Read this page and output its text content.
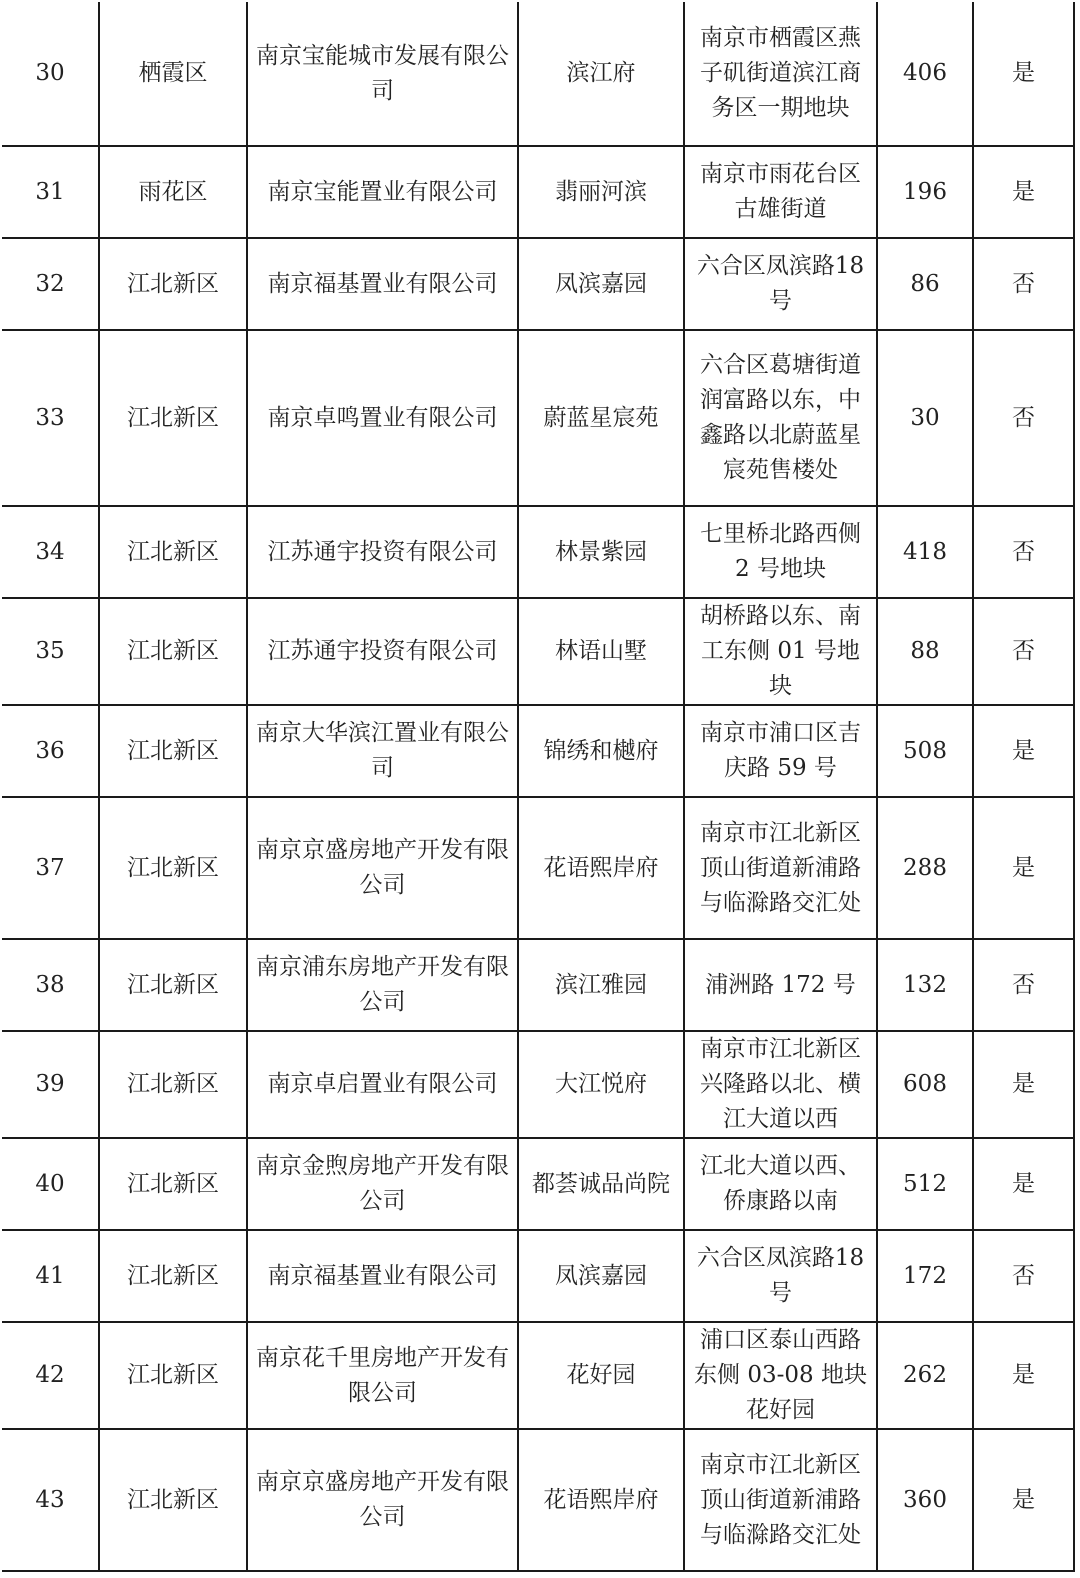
30	栖霞区	南京宝能城市发展有限公司	滨江府	南京市栖霞区燕子矶街道滨江商务区一期地块	406	是
31	雨花区	南京宝能置业有限公司	翡丽河滨	南京市雨花台区古雄街道	196	是
32	江北新区	南京福基置业有限公司	凤滨嘉园	六合区凤滨路18号	86	否
33	江北新区	南京卓鸣置业有限公司	蔚蓝星宸苑	六合区葛塘街道润富路以东，中鑫路以北蔚蓝星宸苑售楼处	30	否
34	江北新区	江苏通宇投资有限公司	林景紫园	七里桥北路西侧 2 号地块	418	否
35	江北新区	江苏通宇投资有限公司	林语山墅	胡桥路以东、南工东侧 01 号地块	88	否
36	江北新区	南京大华滨江置业有限公司	锦绣和樾府	南京市浦口区吉庆路 59 号	508	是
37	江北新区	南京京盛房地产开发有限公司	花语熙岸府	南京市江北新区顶山街道新浦路与临滁路交汇处	288	是
38	江北新区	南京浦东房地产开发有限公司	滨江雅园	浦洲路 172 号	132	否
39	江北新区	南京卓启置业有限公司	大江悦府	南京市江北新区兴隆路以北、横江大道以西	608	是
40	江北新区	南京金煦房地产开发有限公司	都荟诚品尚院	江北大道以西、侨康路以南	512	是
41	江北新区	南京福基置业有限公司	凤滨嘉园	六合区凤滨路18号	172	否
42	江北新区	南京花千里房地产开发有限公司	花好园	浦口区泰山西路东侧 03-08 地块花好园	262	是
43	江北新区	南京京盛房地产开发有限公司	花语熙岸府	南京市江北新区顶山街道新浦路与临滁路交汇处	360	是
